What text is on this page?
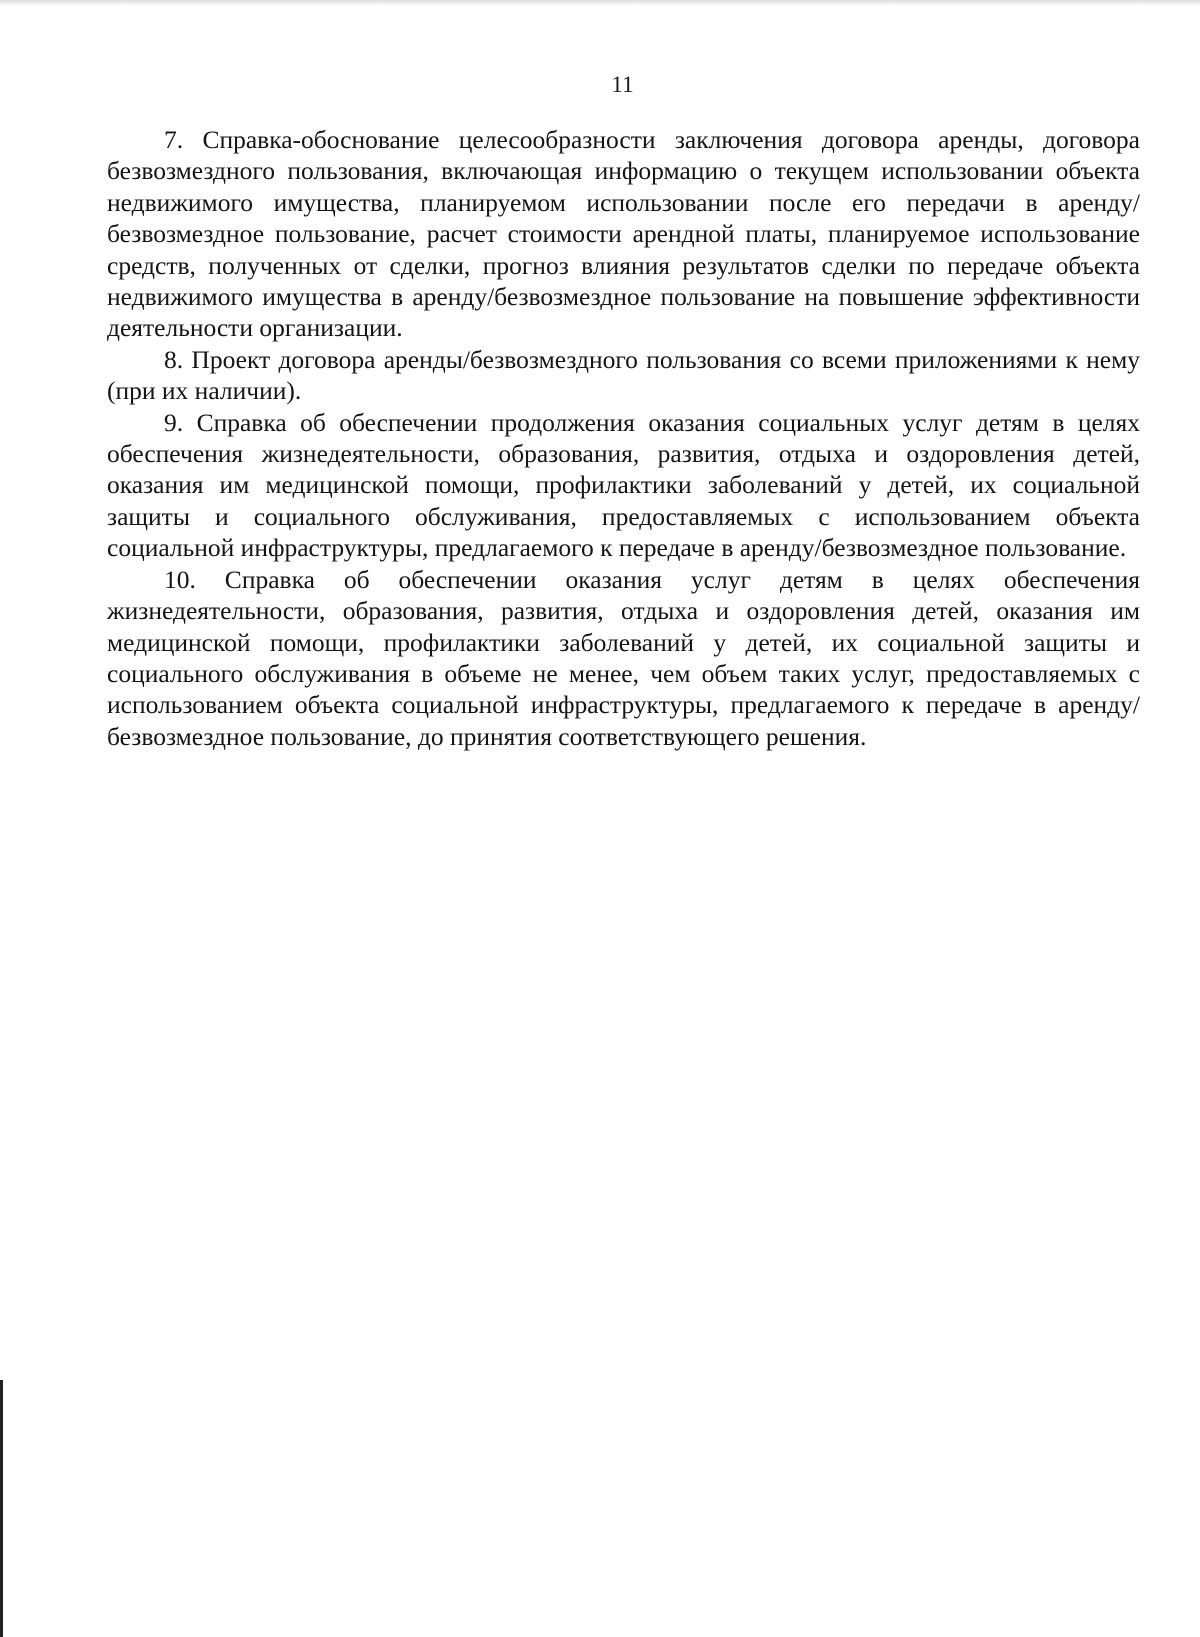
11

7. Справка-обоснование целесообразности заключения договора аренды, договора безвозмездного пользования, включающая информацию о текущем использовании объекта недвижимого имущества, планируемом использовании после его передачи в аренду/безвозмездное пользование, расчет стоимости арендной платы, планируемое использование средств, полученных от сделки, прогноз влияния результатов сделки по передаче объекта недвижимого имущества в аренду/безвозмездное пользование на повышение эффективности деятельности организации.

8. Проект договора аренды/безвозмездного пользования со всеми приложениями к нему (при их наличии).

9. Справка об обеспечении продолжения оказания социальных услуг детям в целях обеспечения жизнедеятельности, образования, развития, отдыха и оздоровления детей, оказания им медицинской помощи, профилактики заболеваний у детей, их социальной защиты и социального обслуживания, предоставляемых с использованием объекта социальной инфраструктуры, предлагаемого к передаче в аренду/безвозмездное пользование.

10. Справка об обеспечении оказания услуг детям в целях обеспечения жизнедеятельности, образования, развития, отдыха и оздоровления детей, оказания им медицинской помощи, профилактики заболеваний у детей, их социальной защиты и социального обслуживания в объеме не менее, чем объем таких услуг, предоставляемых с использованием объекта социальной инфраструктуры, предлагаемого к передаче в аренду/безвозмездное пользование, до принятия соответствующего решения.
